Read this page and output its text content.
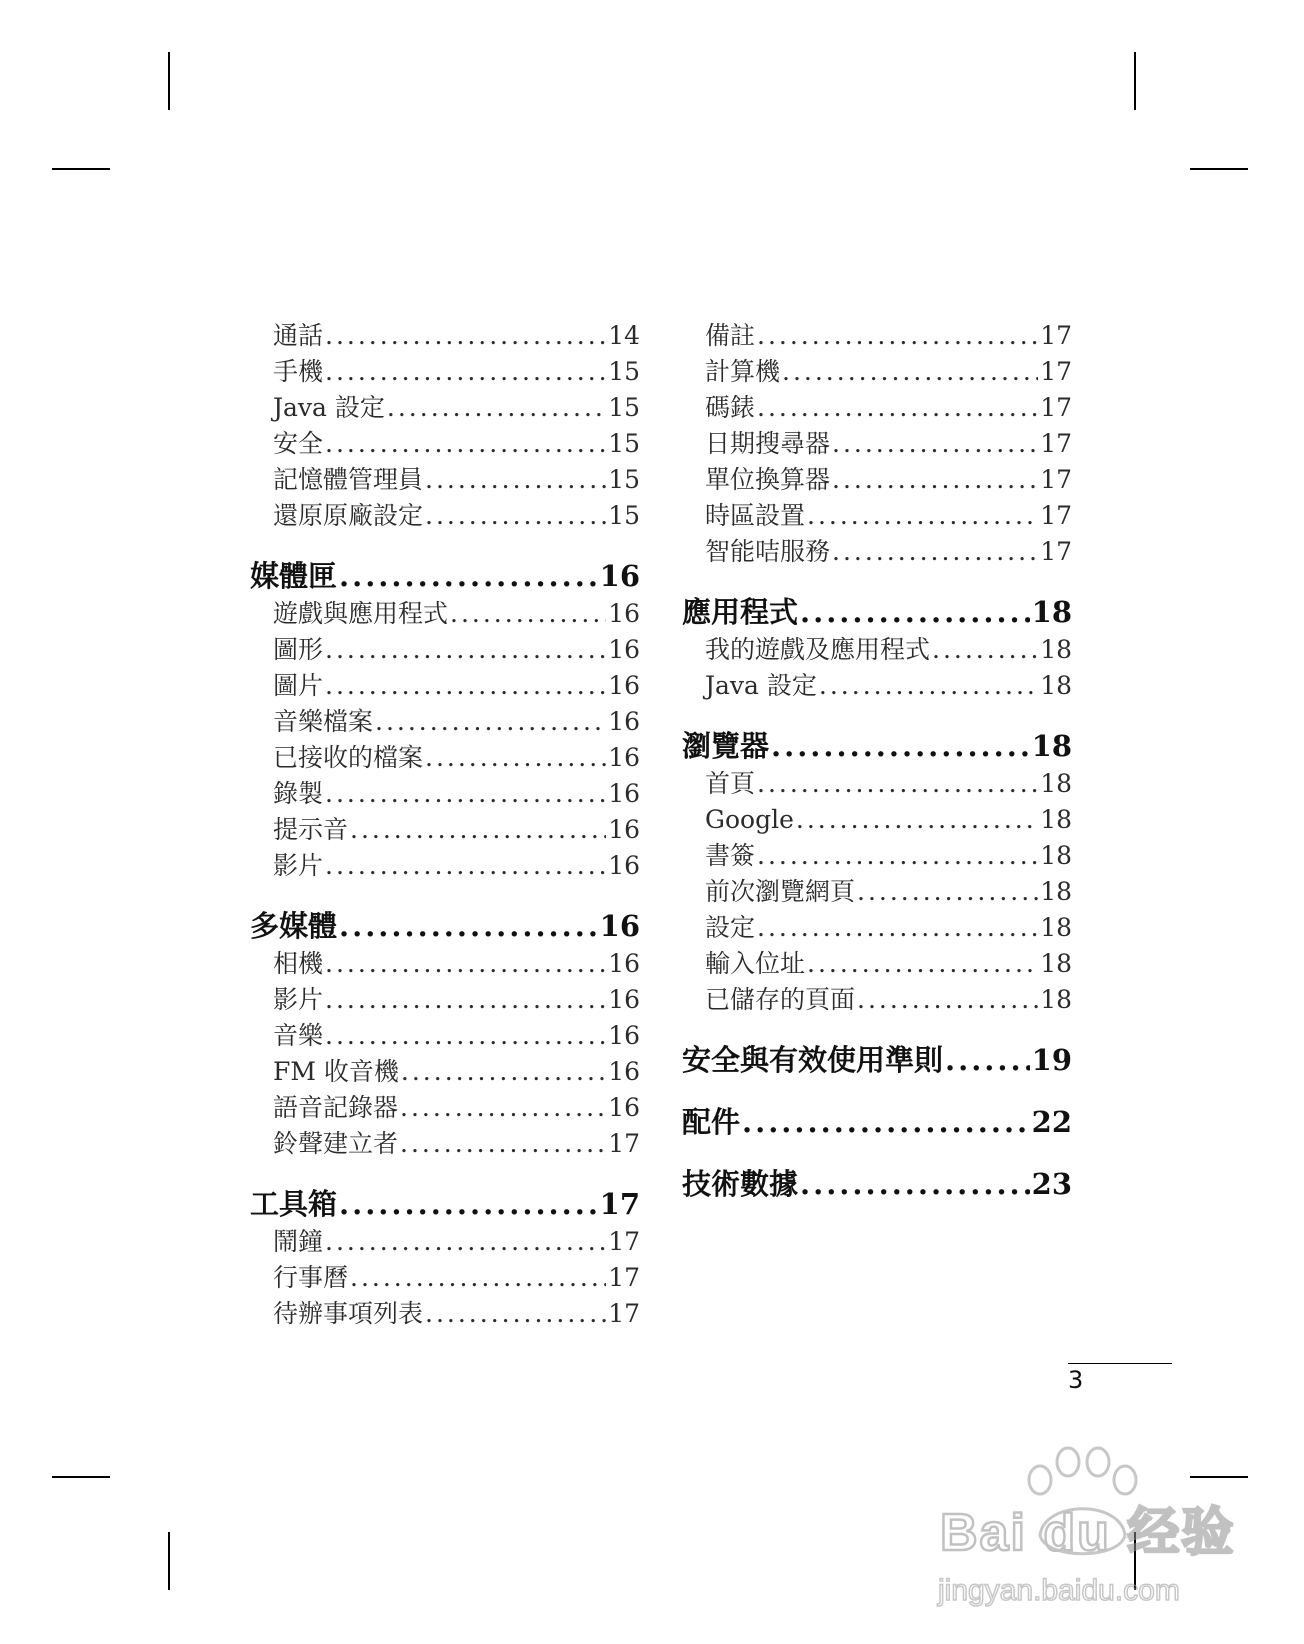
通話 .....	14
手機 .....	15
Java 設定 .....	15
安全 .....	15
記憶體管理員 .....	15
還原原廠設定 .....	15
媒體匣 .....	16
遊戲與應用程式 .....	16
圖形 .....	16
圖片 .....	16
音樂檔案 .....	16
已接收的檔案 .....	16
錄製 .....	16
提示音 .....	16
影片 .....	16
多媒體 .....	16
相機 .....	16
影片 .....	16
音樂 .....	16
FM 收音機 .....	16
語音記錄器 .....	16
鈴聲建立者 .....	17
工具箱 .....	17
鬧鐘 .....	17
行事曆 .....	17
待辦事項列表 .....	17
備註 .....	17
計算機 .....	17
碼錶 .....	17
日期搜尋器 .....	17
單位換算器 .....	17
時區設置 .....	17
智能咭服務 .....	17
應用程式 .....	18
我的遊戲及應用程式 .....	18
Java 設定 .....	18
瀏覽器 .....	18
首頁 .....	18
Google .....	18
書簽 .....	18
前次瀏覽網頁 .....	18
設定 .....	18
輸入位址 .....	18
已儲存的頁面 .....	18
安全與有效使用準則 .....	19
配件 .....	22
技術數據 .....	23
3
Bai du 经验
jingyan.baidu.com
